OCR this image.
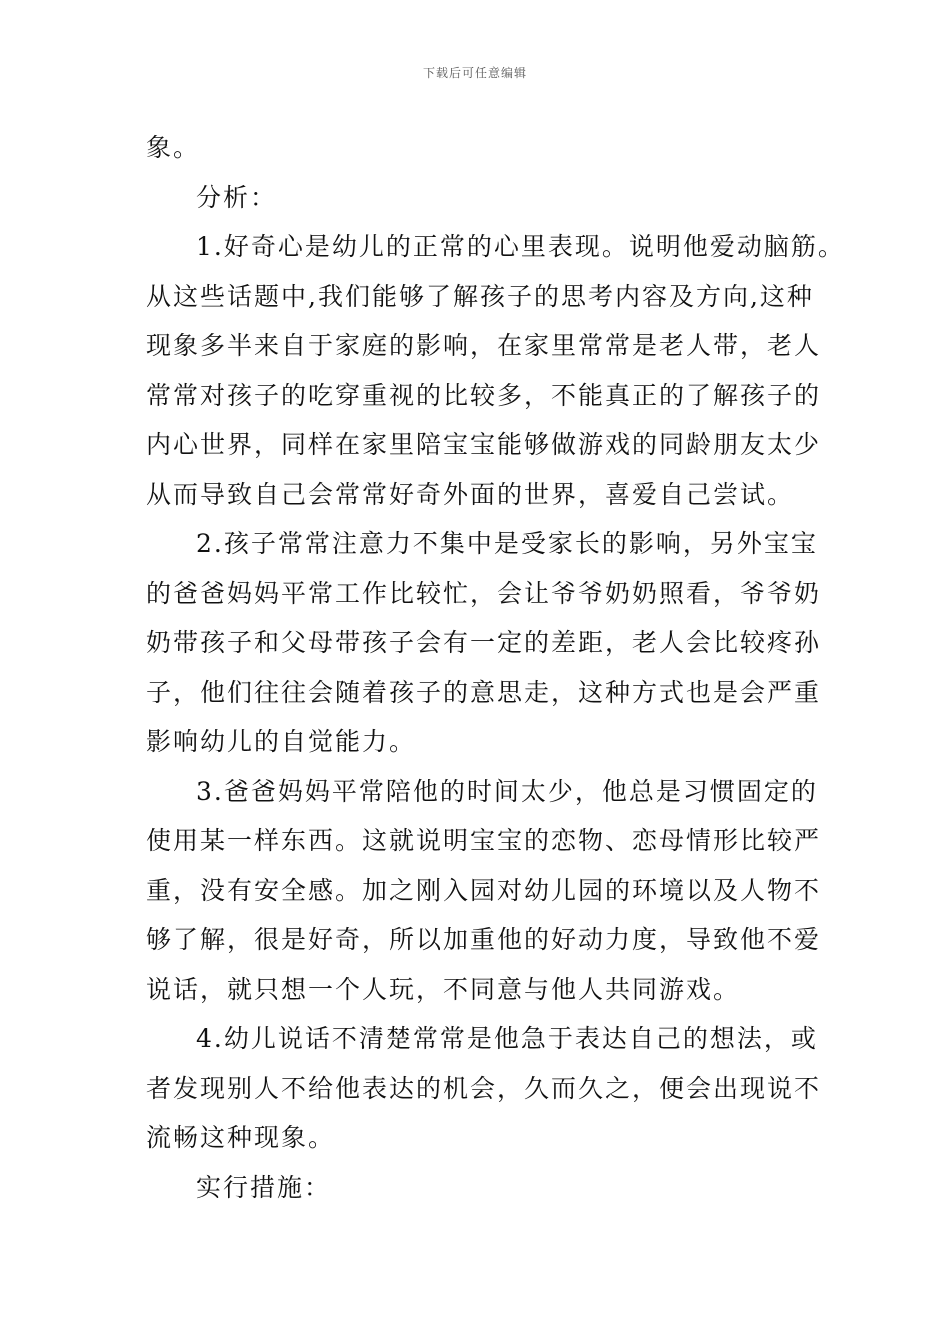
下载后可任意编辑
象。
分析：
1.好奇心是幼儿的正常的心里表现。说明他爱动脑筋。
从这些话题中,我们能够了解孩子的思考内容及方向,这种
现象多半来自于家庭的影响，在家里常常是老人带，老人
常常对孩子的吃穿重视的比较多，不能真正的了解孩子的
内心世界，同样在家里陪宝宝能够做游戏的同龄朋友太少
从而导致自己会常常好奇外面的世界，喜爱自己尝试。
2.孩子常常注意力不集中是受家长的影响，另外宝宝
的爸爸妈妈平常工作比较忙，会让爷爷奶奶照看，爷爷奶
奶带孩子和父母带孩子会有一定的差距，老人会比较疼孙
子，他们往往会随着孩子的意思走，这种方式也是会严重
影响幼儿的自觉能力。
3.爸爸妈妈平常陪他的时间太少，他总是习惯固定的
使用某一样东西。这就说明宝宝的恋物、恋母情形比较严
重，没有安全感。加之刚入园对幼儿园的环境以及人物不
够了解，很是好奇，所以加重他的好动力度，导致他不爱
说话，就只想一个人玩，不同意与他人共同游戏。
4.幼儿说话不清楚常常是他急于表达自己的想法，或
者发现别人不给他表达的机会，久而久之，便会出现说不
流畅这种现象。
实行措施：
